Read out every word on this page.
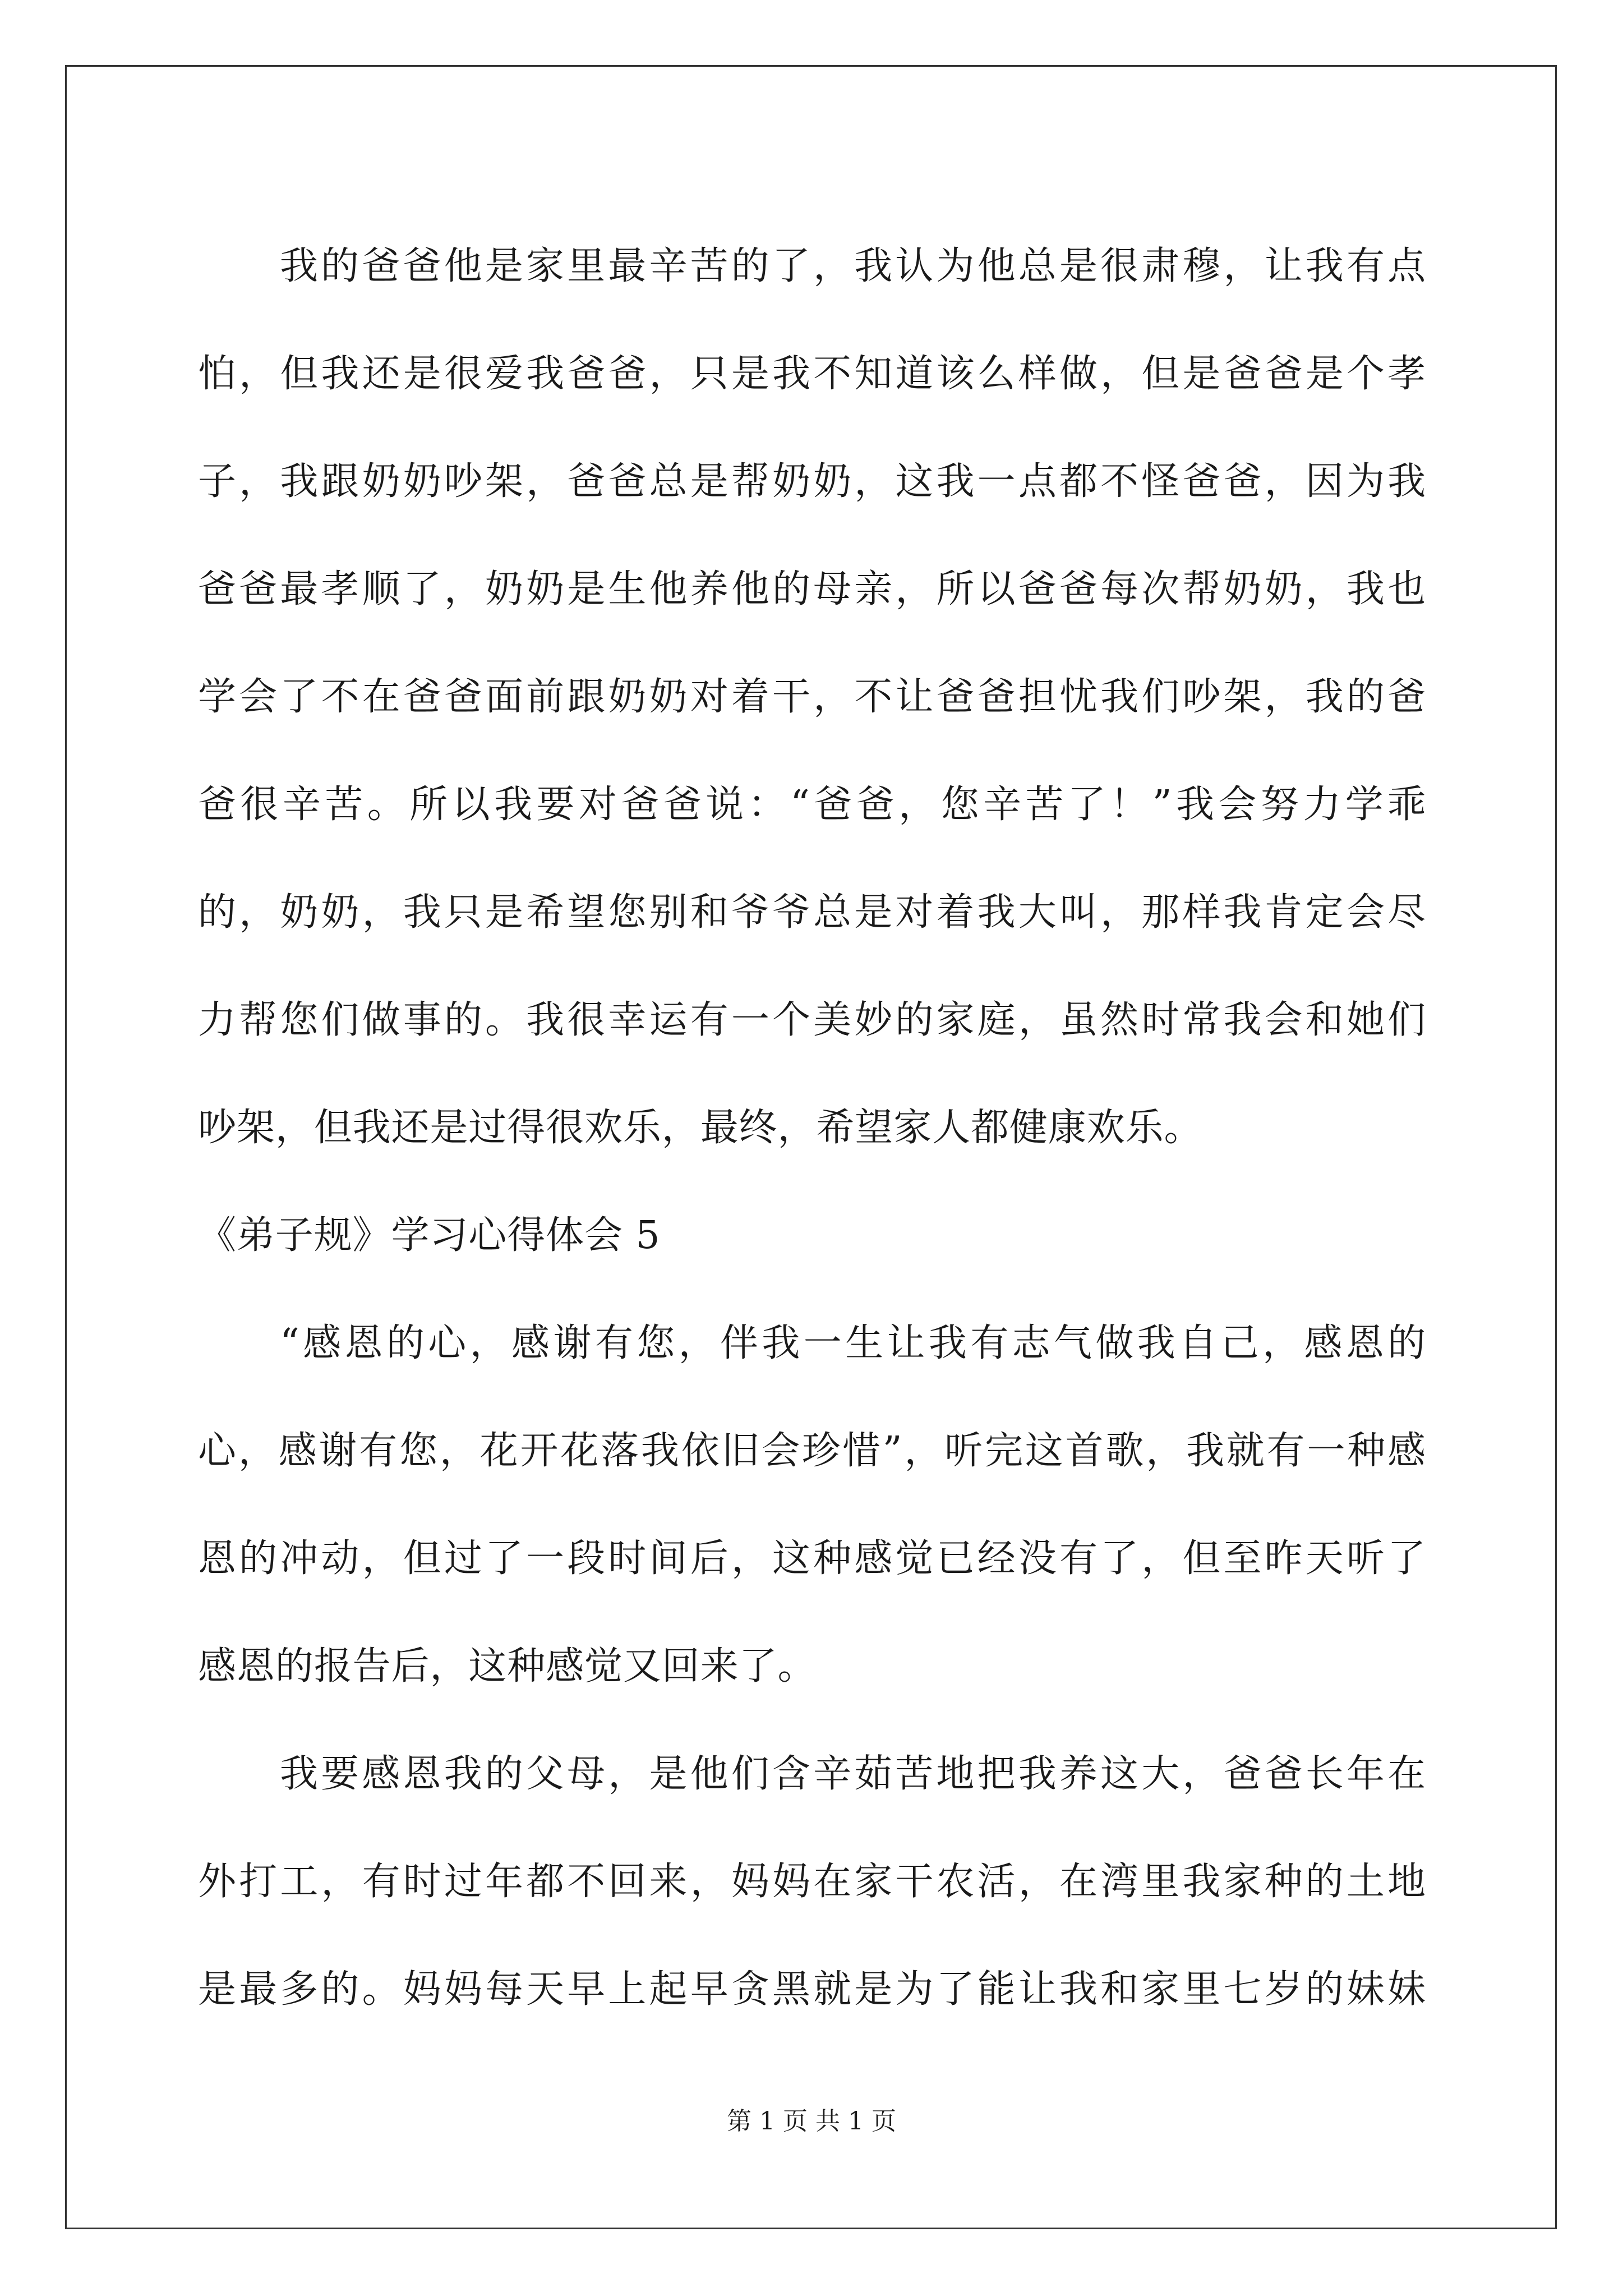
我的爸爸他是家里最辛苦的了，我认为他总是很肃穆，让我有点
怕，但我还是很爱我爸爸，只是我不知道该么样做，但是爸爸是个孝
子，我跟奶奶吵架，爸爸总是帮奶奶，这我一点都不怪爸爸，因为我
爸爸最孝顺了，奶奶是生他养他的母亲，所以爸爸每次帮奶奶，我也
学会了不在爸爸面前跟奶奶对着干，不让爸爸担忧我们吵架，我的爸
爸很辛苦。所以我要对爸爸说：“爸爸，您辛苦了！”我会努力学乖
的，奶奶，我只是希望您别和爷爷总是对着我大叫，那样我肯定会尽
力帮您们做事的。我很幸运有一个美妙的家庭，虽然时常我会和她们
吵架，但我还是过得很欢乐，最终，希望家人都健康欢乐。
《弟子规》学习心得体会 5
“感恩的心，感谢有您，伴我一生让我有志气做我自己，感恩的
心，感谢有您，花开花落我依旧会珍惜”，听完这首歌，我就有一种感
恩的冲动，但过了一段时间后，这种感觉已经没有了，但至昨天听了
感恩的报告后，这种感觉又回来了。
我要感恩我的父母，是他们含辛茹苦地把我养这大，爸爸长年在
外打工，有时过年都不回来，妈妈在家干农活，在湾里我家种的土地
是最多的。妈妈每天早上起早贪黑就是为了能让我和家里七岁的妹妹
第 1 页 共 1 页
